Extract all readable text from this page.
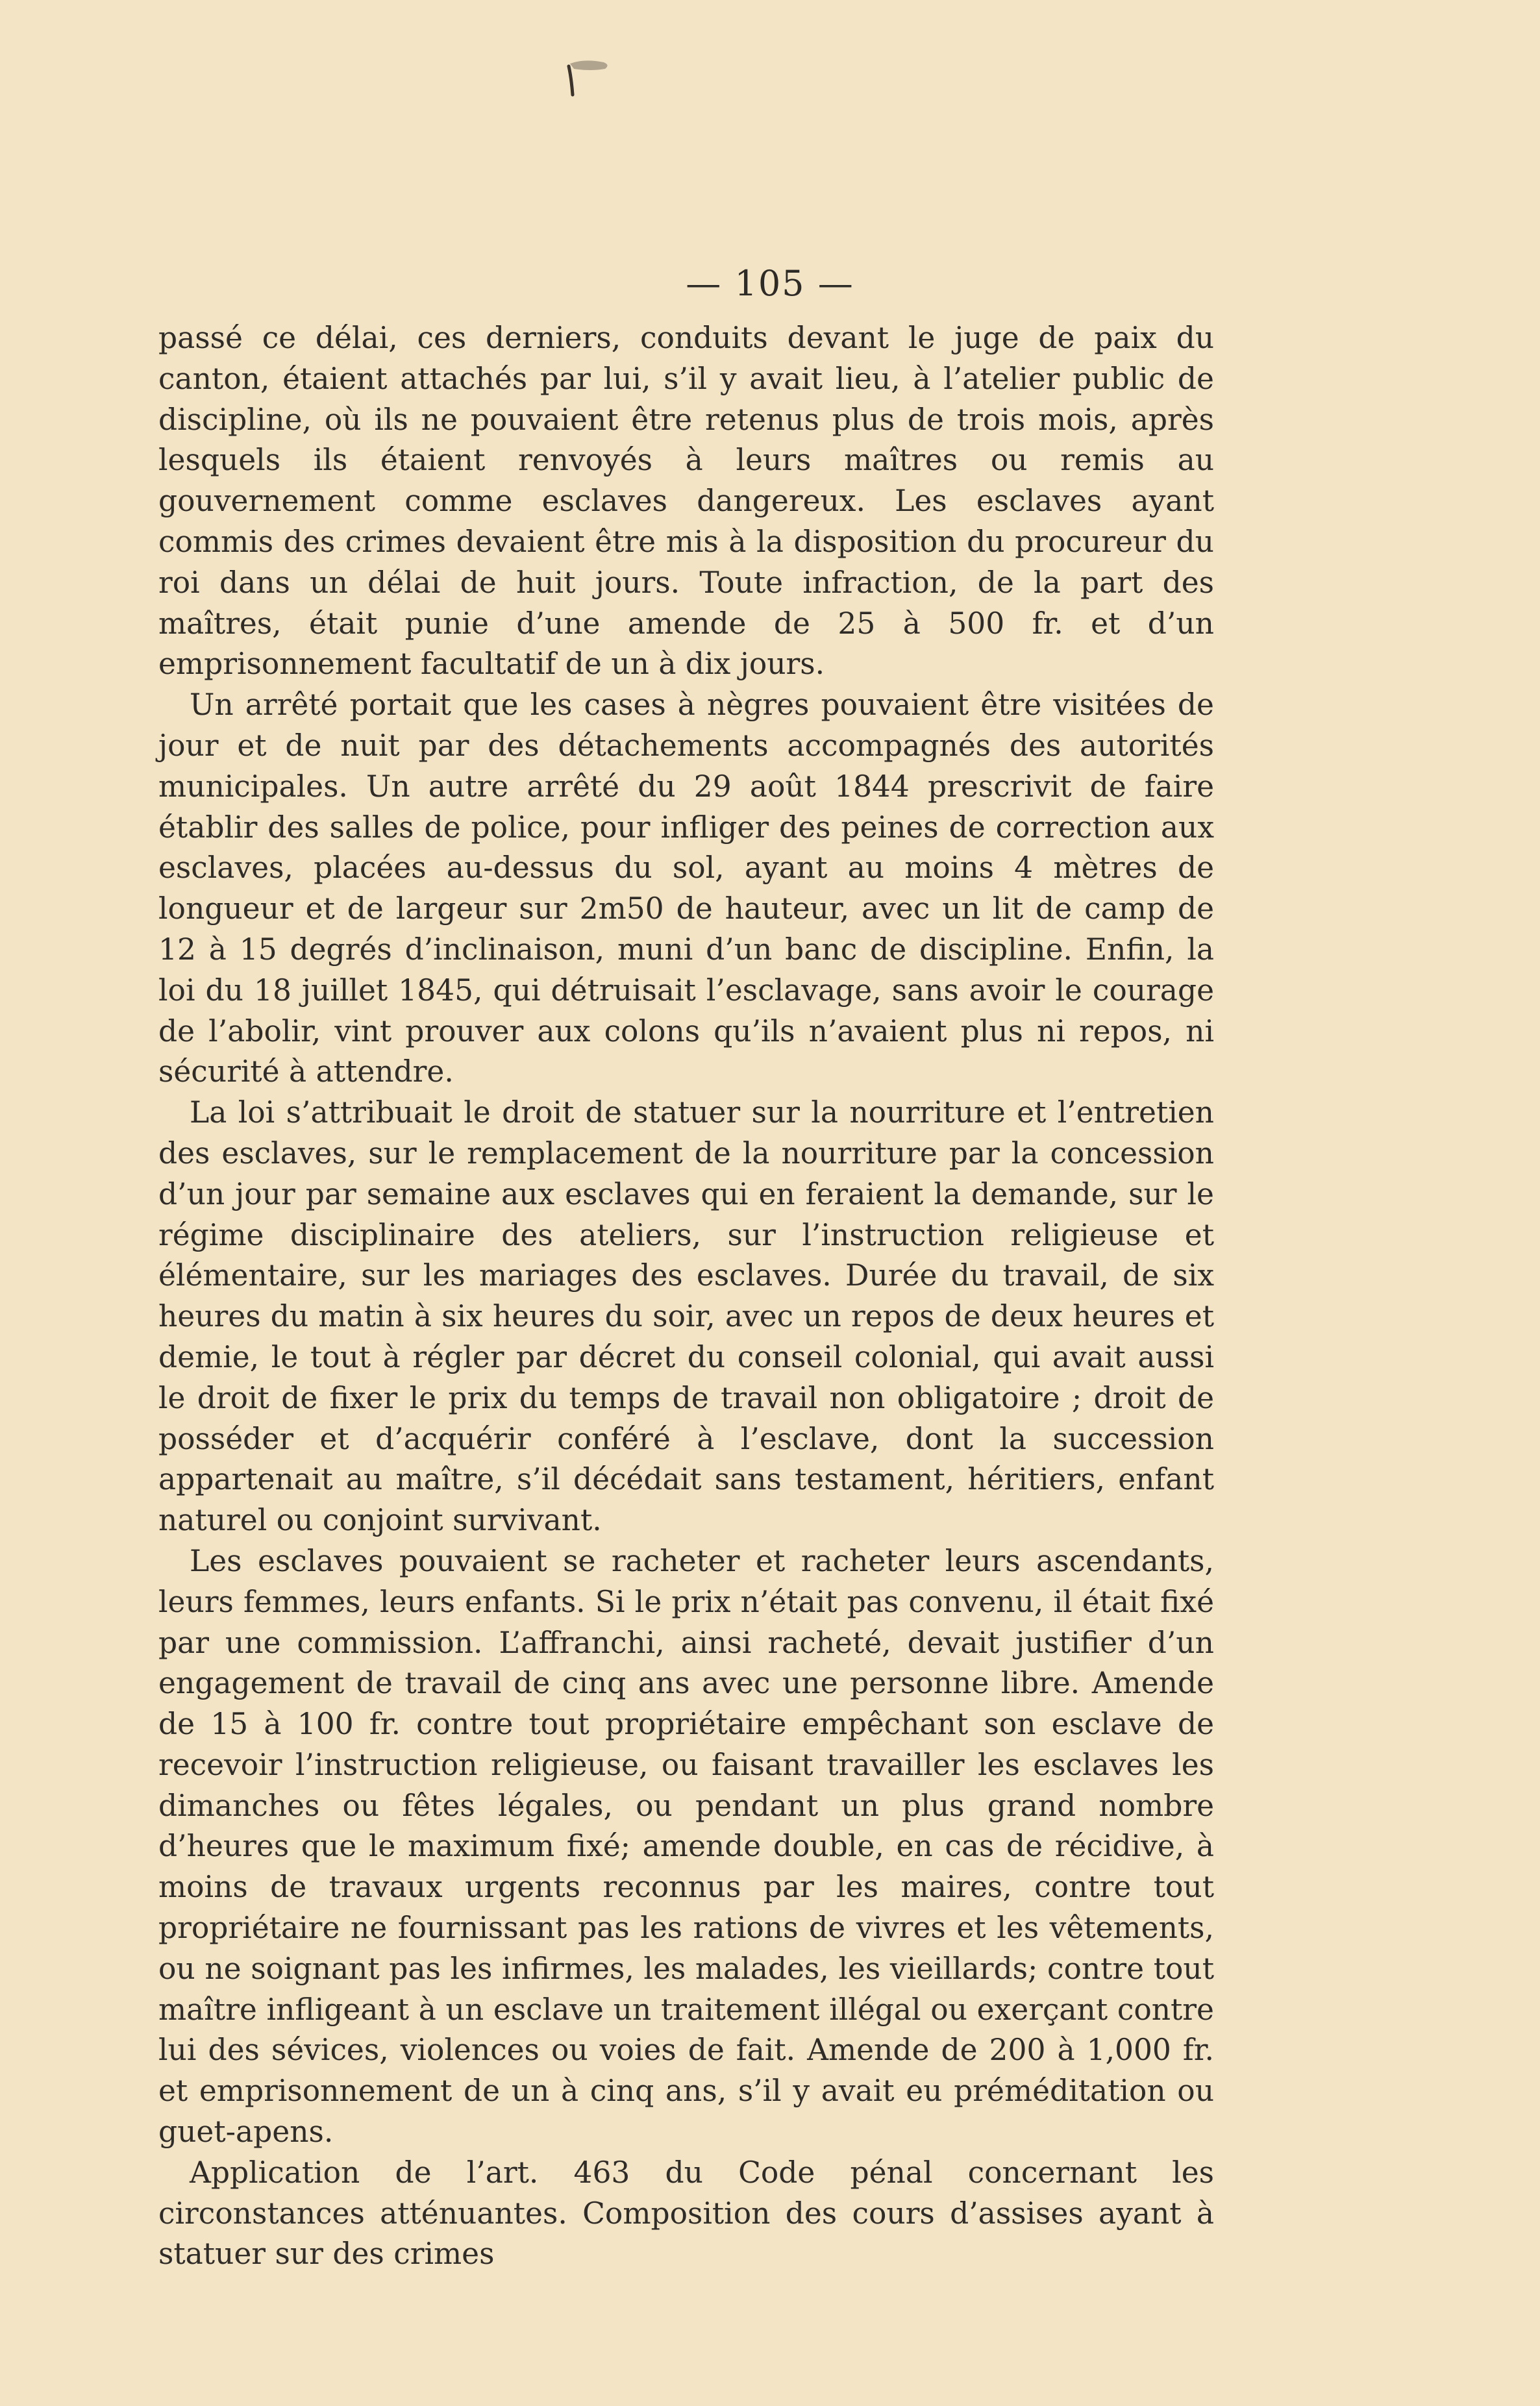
— 105 —

passé ce délai, ces derniers, conduits devant le juge de paix du canton, étaient attachés par lui, s’il y avait lieu, à l’atelier public de discipline, où ils ne pouvaient être retenus plus de trois mois, après lesquels ils étaient renvoyés à leurs maîtres ou remis au gouvernement comme esclaves dangereux. Les esclaves ayant commis des crimes devaient être mis à la disposition du procureur du roi dans un délai de huit jours. Toute infraction, de la part des maîtres, était punie d’une amende de 25 à 500 fr. et d’un emprisonnement facultatif de un à dix jours.

Un arrêté portait que les cases à nègres pouvaient être visitées de jour et de nuit par des détachements accompagnés des autorités municipales. Un autre arrêté du 29 août 1844 prescrivit de faire établir des salles de police, pour infliger des peines de correction aux esclaves, placées au-dessus du sol, ayant au moins 4 mètres de longueur et de largeur sur 2m50 de hauteur, avec un lit de camp de 12 à 15 degrés d’inclinaison, muni d’un banc de discipline. Enfin, la loi du 18 juillet 1845, qui détruisait l’esclavage, sans avoir le courage de l’abolir, vint prouver aux colons qu’ils n’avaient plus ni repos, ni sécurité à attendre.

La loi s’attribuait le droit de statuer sur la nourriture et l’entretien des esclaves, sur le remplacement de la nourriture par la concession d’un jour par semaine aux esclaves qui en feraient la demande, sur le régime disciplinaire des ateliers, sur l’instruction religieuse et élémentaire, sur les mariages des esclaves. Durée du travail, de six heures du matin à six heures du soir, avec un repos de deux heures et demie, le tout à régler par décret du conseil colonial, qui avait aussi le droit de fixer le prix du temps de travail non obligatoire ; droit de posséder et d’acquérir conféré à l’esclave, dont la succession appartenait au maître, s’il décédait sans testament, héritiers, enfant naturel ou conjoint survivant.

Les esclaves pouvaient se racheter et racheter leurs ascendants, leurs femmes, leurs enfants. Si le prix n’était pas convenu, il était fixé par une commission. L’affranchi, ainsi racheté, devait justifier d’un engagement de travail de cinq ans avec une personne libre. Amende de 15 à 100 fr. contre tout propriétaire empêchant son esclave de recevoir l’instruction religieuse, ou faisant travailler les esclaves les dimanches ou fêtes légales, ou pendant un plus grand nombre d’heures que le maximum fixé; amende double, en cas de récidive, à moins de travaux urgents reconnus par les maires, contre tout propriétaire ne fournissant pas les rations de vivres et les vêtements, ou ne soignant pas les infirmes, les malades, les vieillards; contre tout maître infligeant à un esclave un traitement illégal ou exerçant contre lui des sévices, violences ou voies de fait. Amende de 200 à 1,000 fr. et emprisonnement de un à cinq ans, s’il y avait eu préméditation ou guet-apens.

Application de l’art. 463 du Code pénal concernant les circonstances atténuantes. Composition des cours d’assises ayant à statuer sur des crimes
